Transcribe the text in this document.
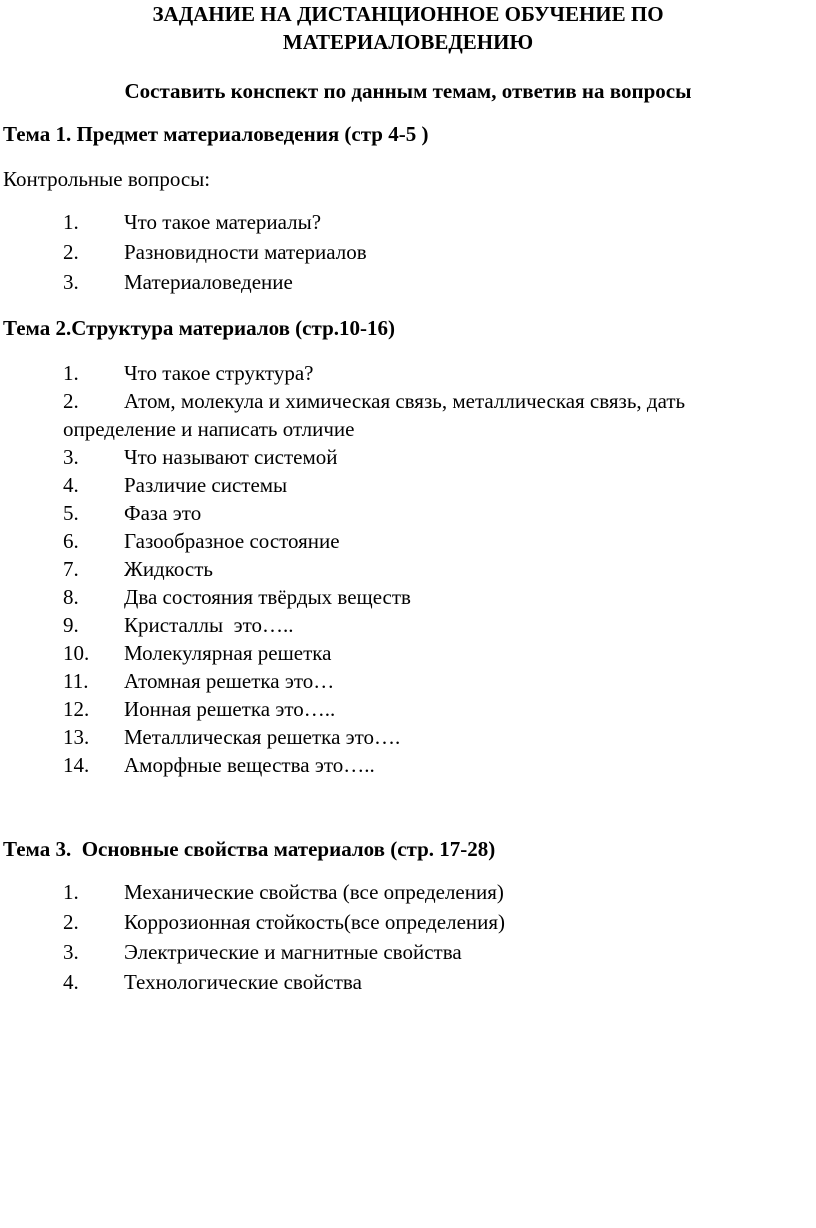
ЗАДАНИЕ НА ДИСТАНЦИОННОЕ ОБУЧЕНИЕ ПО

МАТЕРИАЛОВЕДЕНИЮ

Составить конспект по данным темам, ответив на вопросы

Тема 1. Предмет материаловедения (стр 4-5 )

Контрольные вопросы:

1.	Что такое материалы?
2.	Разновидности материалов
3.	Материаловедение

Тема 2.Структура материалов (стр.10-16)

1.	Что такое структура?
2.	Атом, молекула и химическая связь, металлическая связь, дать
определение и написать отличие
3.	Что называют системой
4.	Различие системы
5.	Фаза это
6.	Газообразное состояние
7.	Жидкость
8.	Два состояния твёрдых веществ
9.	Кристаллы  это…..
10.	Молекулярная решетка
11.	Атомная решетка это…
12.	Ионная решетка это…..
13.	Металлическая решетка это….
14.	Аморфные вещества это…..

Тема 3.  Основные свойства материалов (стр. 17-28)

1.	Механические свойства (все определения)
2.	Коррозионная стойкость(все определения)
3.	Электрические и магнитные свойства
4.	Технологические свойства
